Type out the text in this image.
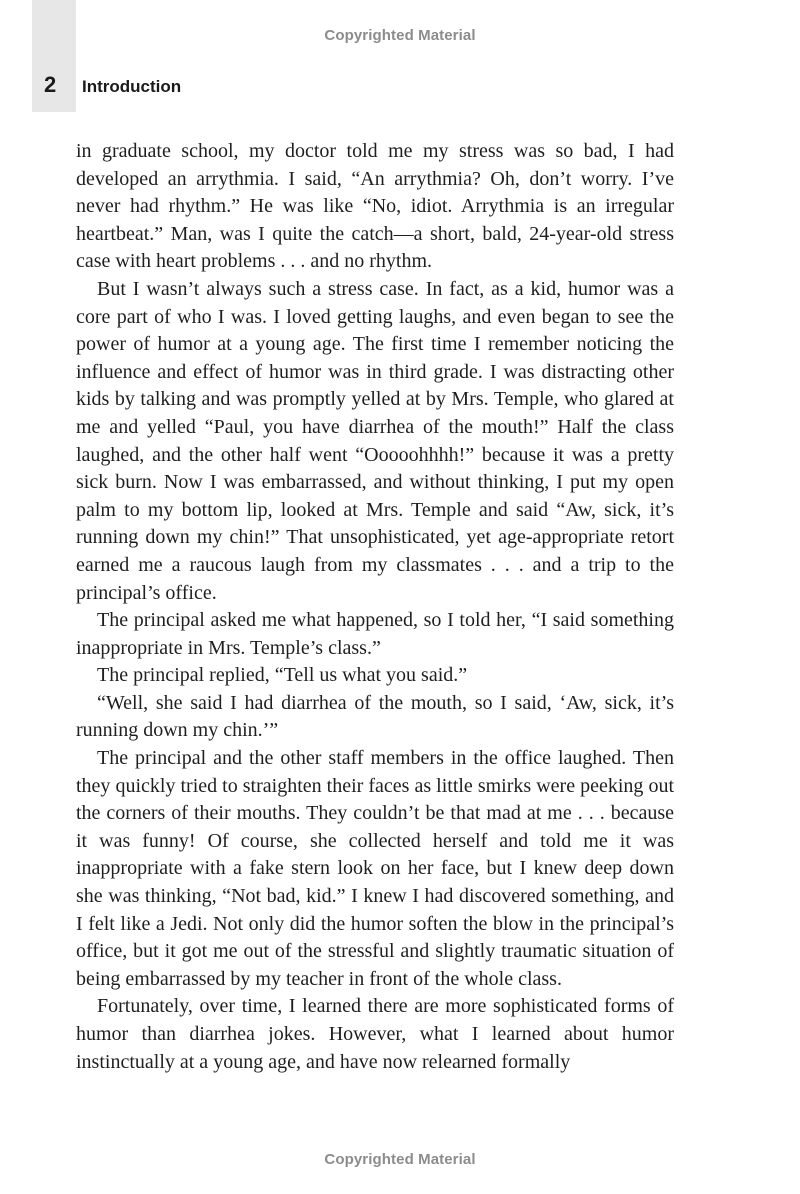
Copyrighted Material
2	Introduction

in graduate school, my doctor told me my stress was so bad, I had developed an arrythmia. I said, “An arrythmia? Oh, don’t worry. I’ve never had rhythm.” He was like “No, idiot. Arrythmia is an irregular heartbeat.” Man, was I quite the catch—a short, bald, 24-year-old stress case with heart problems . . . and no rhythm.

But I wasn’t always such a stress case. In fact, as a kid, humor was a core part of who I was. I loved getting laughs, and even began to see the power of humor at a young age. The first time I remember noticing the influence and effect of humor was in third grade. I was distracting other kids by talking and was promptly yelled at by Mrs. Temple, who glared at me and yelled “Paul, you have diarrhea of the mouth!” Half the class laughed, and the other half went “Ooooohhhh!” because it was a pretty sick burn. Now I was embarrassed, and without thinking, I put my open palm to my bottom lip, looked at Mrs. Temple and said “Aw, sick, it’s running down my chin!” That unsophisticated, yet age-appropriate retort earned me a raucous laugh from my classmates . . . and a trip to the principal’s office.

The principal asked me what happened, so I told her, “I said something inappropriate in Mrs. Temple’s class.”

The principal replied, “Tell us what you said.”

“Well, she said I had diarrhea of the mouth, so I said, ‘Aw, sick, it’s running down my chin.’”

The principal and the other staff members in the office laughed. Then they quickly tried to straighten their faces as little smirks were peeking out the corners of their mouths. They couldn’t be that mad at me . . . because it was funny! Of course, she collected herself and told me it was inappropriate with a fake stern look on her face, but I knew deep down she was thinking, “Not bad, kid.” I knew I had discovered something, and I felt like a Jedi. Not only did the humor soften the blow in the principal’s office, but it got me out of the stressful and slightly traumatic situation of being embarrassed by my teacher in front of the whole class.

Fortunately, over time, I learned there are more sophisticated forms of humor than diarrhea jokes. However, what I learned about humor instinctually at a young age, and have now relearned formally

Copyrighted Material
